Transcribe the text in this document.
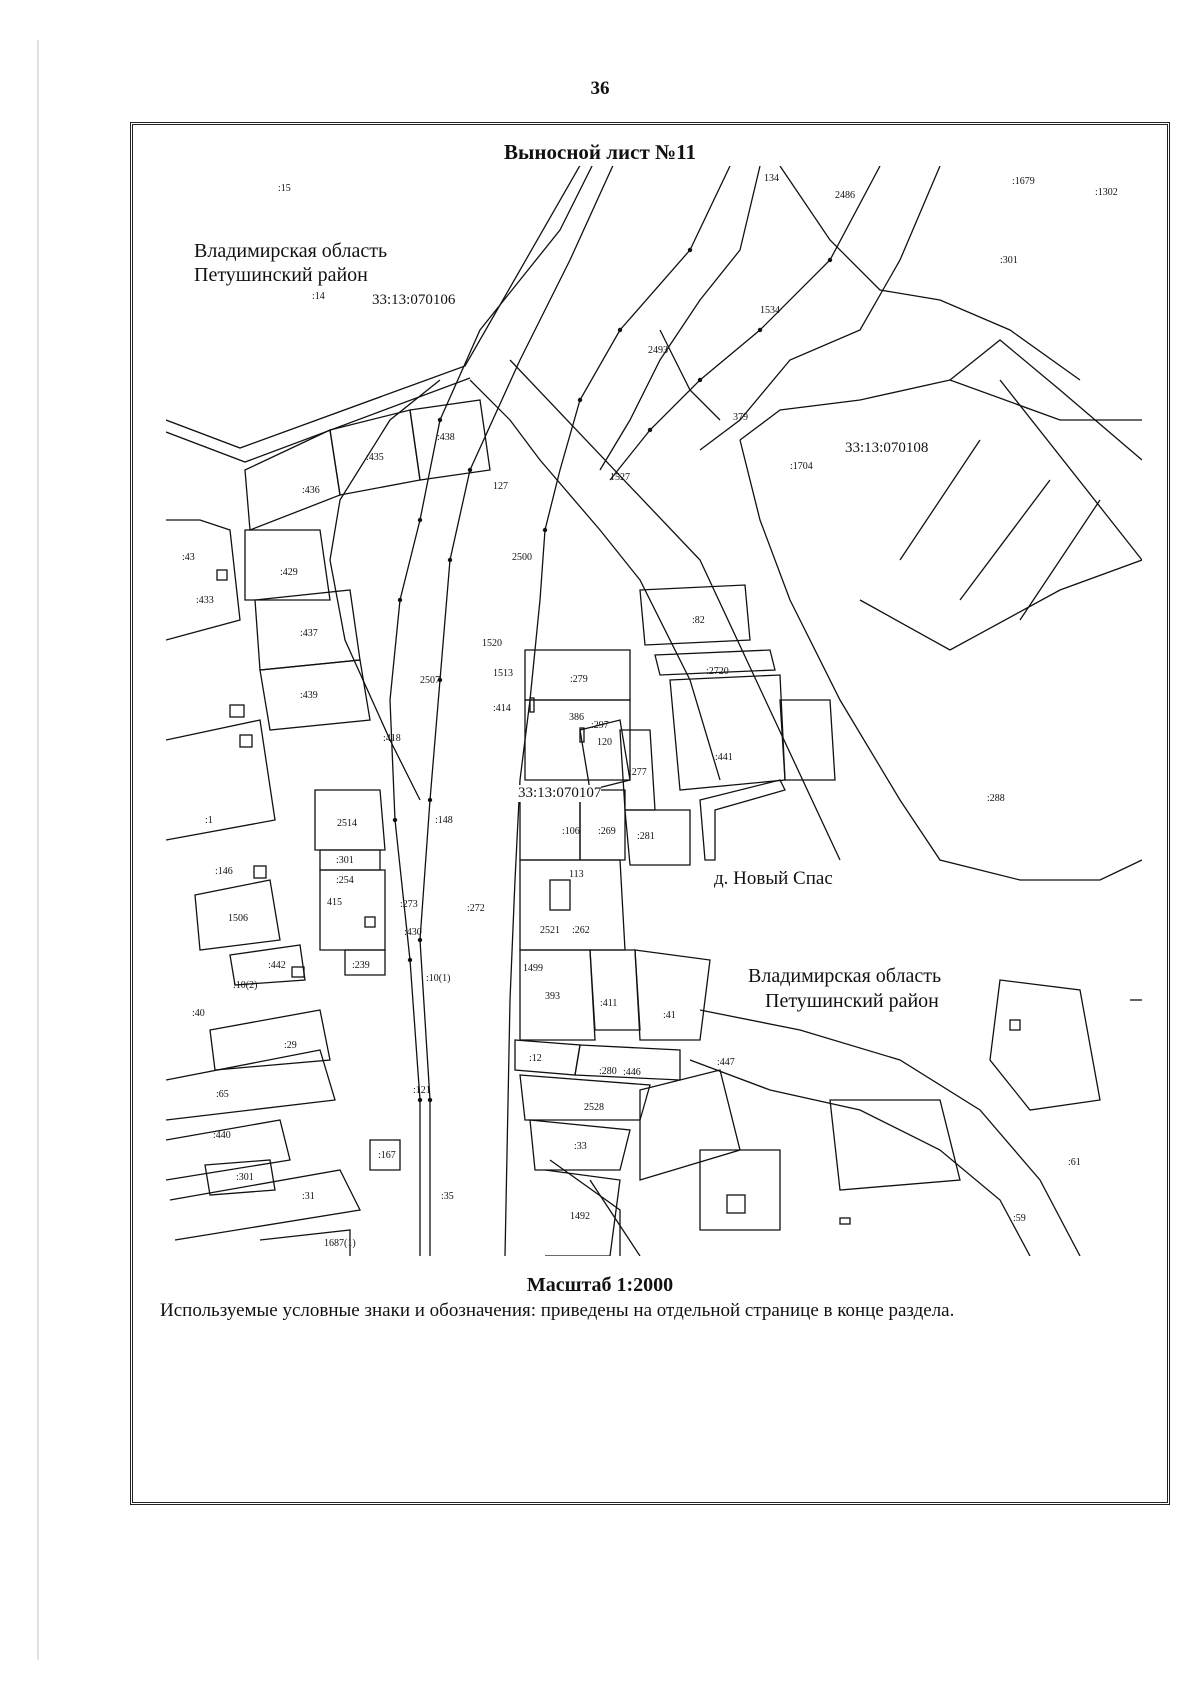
36
Выносной лист №11
Владимирская область
Петушинский район
Владимирская область
Петушинский район
д. Новый Спас
33:13:070106
33:13:070107
33:13:070108
:15
134
2486
:1679
:1302
:14
:301
1534
2493
379
:435
:438
:436	127
1527
:1704
:43
:433
:429
2500
:437
1520
:82
2507
1513
:279
:2720
:439
:414
386
:297
120
:277
:441
:418
:1	:148
2514
:106 :269 :281
:288
:301
:146
:254
113
:273
415
:272
1506
:430	2521 :262
:442	:239
:10(2)
:10(1)
1499
393
:411
:41
:40
:29
:12	:447
:280 :446
:65	:121
2528
:440
:167
:33
:61
:301
:31	:35
1492	:59
1687(1)
Масштаб 1:2000
Используемые условные знаки и обозначения: приведены на отдельной странице в конце раздела.
